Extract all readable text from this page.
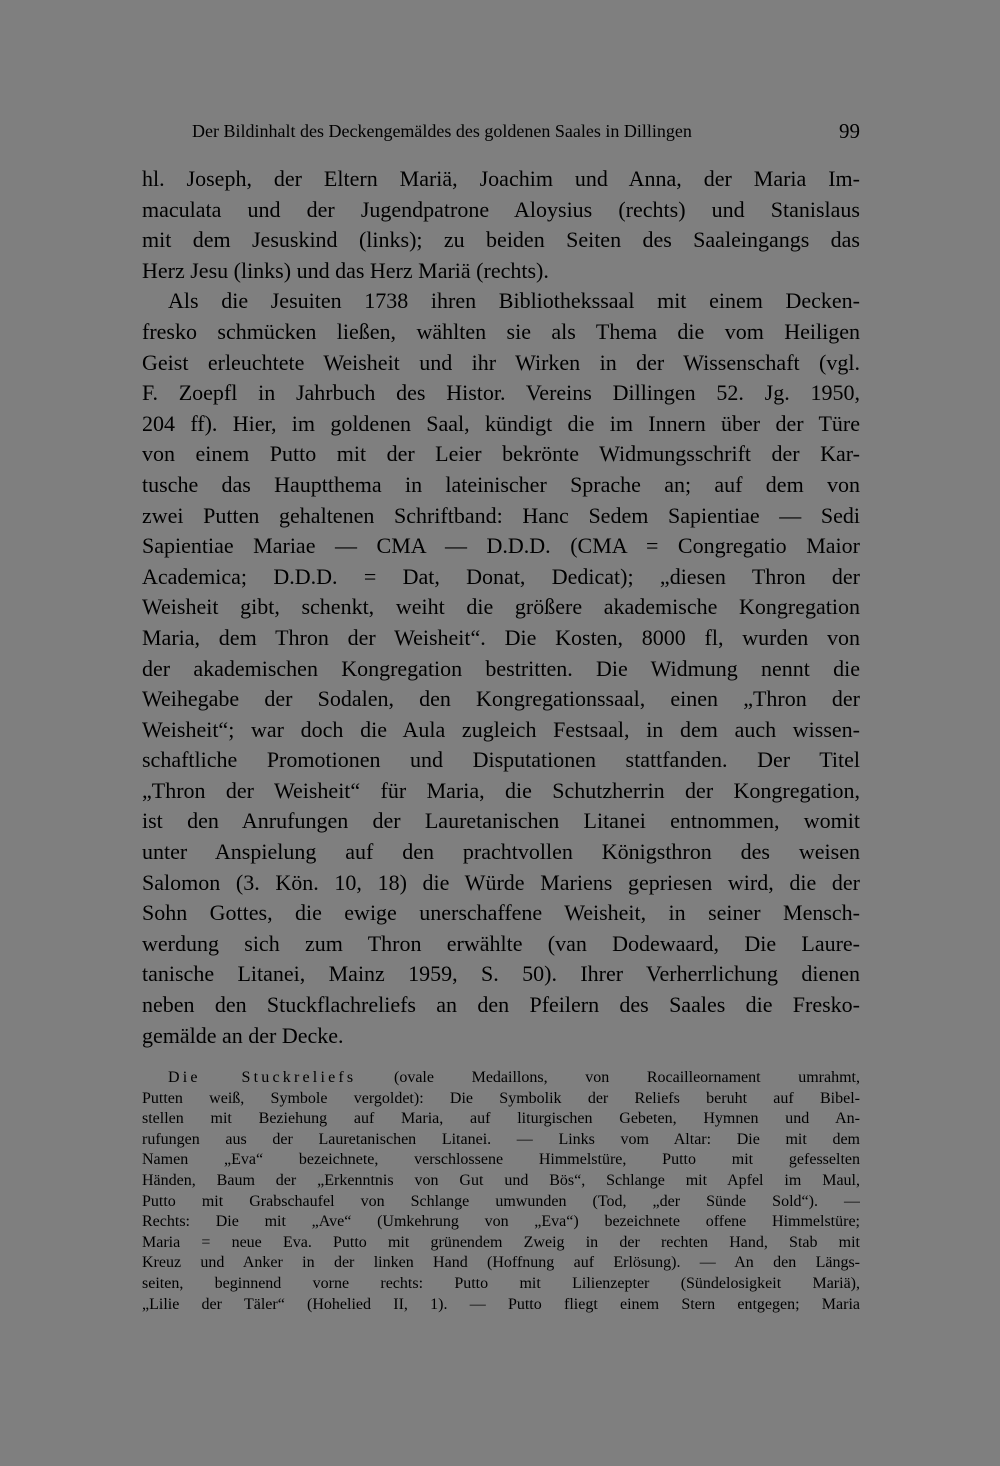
Der Bildinhalt des Deckengemäldes des goldenen Saales in Dillingen	99
hl. Joseph, der Eltern Mariä, Joachim und Anna, der Maria Im-
maculata und der Jugendpatrone Aloysius (rechts) und Stanislaus
mit dem Jesuskind (links); zu beiden Seiten des Saaleingangs das
Herz Jesu (links) und das Herz Mariä (rechts).
Als die Jesuiten 1738 ihren Bibliothekssaal mit einem Decken-
fresko schmücken ließen, wählten sie als Thema die vom Heiligen
Geist erleuchtete Weisheit und ihr Wirken in der Wissenschaft (vgl.
F. Zoepfl in Jahrbuch des Histor. Vereins Dillingen 52. Jg. 1950,
204 ff). Hier, im goldenen Saal, kündigt die im Innern über der Türe
von einem Putto mit der Leier bekrönte Widmungsschrift der Kar-
tusche das Hauptthema in lateinischer Sprache an; auf dem von
zwei Putten gehaltenen Schriftband: Hanc Sedem Sapientiae — Sedi
Sapientiae Mariae — CMA — D.D.D. (CMA = Congregatio Maior
Academica; D.D.D. = Dat, Donat, Dedicat); „diesen Thron der
Weisheit gibt, schenkt, weiht die größere akademische Kongregation
Maria, dem Thron der Weisheit“. Die Kosten, 8000 fl, wurden von
der akademischen Kongregation bestritten. Die Widmung nennt die
Weihegabe der Sodalen, den Kongregationssaal, einen „Thron der
Weisheit“; war doch die Aula zugleich Festsaal, in dem auch wissen-
schaftliche Promotionen und Disputationen stattfanden. Der Titel
„Thron der Weisheit“ für Maria, die Schutzherrin der Kongregation,
ist den Anrufungen der Lauretanischen Litanei entnommen, womit
unter Anspielung auf den prachtvollen Königsthron des weisen
Salomon (3. Kön. 10, 18) die Würde Mariens gepriesen wird, die der
Sohn Gottes, die ewige unerschaffene Weisheit, in seiner Mensch-
werdung sich zum Thron erwählte (van Dodewaard, Die Laure-
tanische Litanei, Mainz 1959, S. 50). Ihrer Verherrlichung dienen
neben den Stuckflachreliefs an den Pfeilern des Saales die Fresko-
gemälde an der Decke.
Die Stuckreliefs (ovale Medaillons, von Rocailleornament umrahmt,
Putten weiß, Symbole vergoldet): Die Symbolik der Reliefs beruht auf Bibel-
stellen mit Beziehung auf Maria, auf liturgischen Gebeten, Hymnen und An-
rufungen aus der Lauretanischen Litanei. — Links vom Altar: Die mit dem
Namen „Eva“ bezeichnete, verschlossene Himmelstüre, Putto mit gefesselten
Händen, Baum der „Erkenntnis von Gut und Bös“, Schlange mit Apfel im Maul,
Putto mit Grabschaufel von Schlange umwunden (Tod, „der Sünde Sold“). —
Rechts: Die mit „Ave“ (Umkehrung von „Eva“) bezeichnete offene Himmelstüre;
Maria = neue Eva. Putto mit grünendem Zweig in der rechten Hand, Stab mit
Kreuz und Anker in der linken Hand (Hoffnung auf Erlösung). — An den Längs-
seiten, beginnend vorne rechts: Putto mit Lilienzepter (Sündelosigkeit Mariä),
„Lilie der Täler“ (Hohelied II, 1). — Putto fliegt einem Stern entgegen; Maria
